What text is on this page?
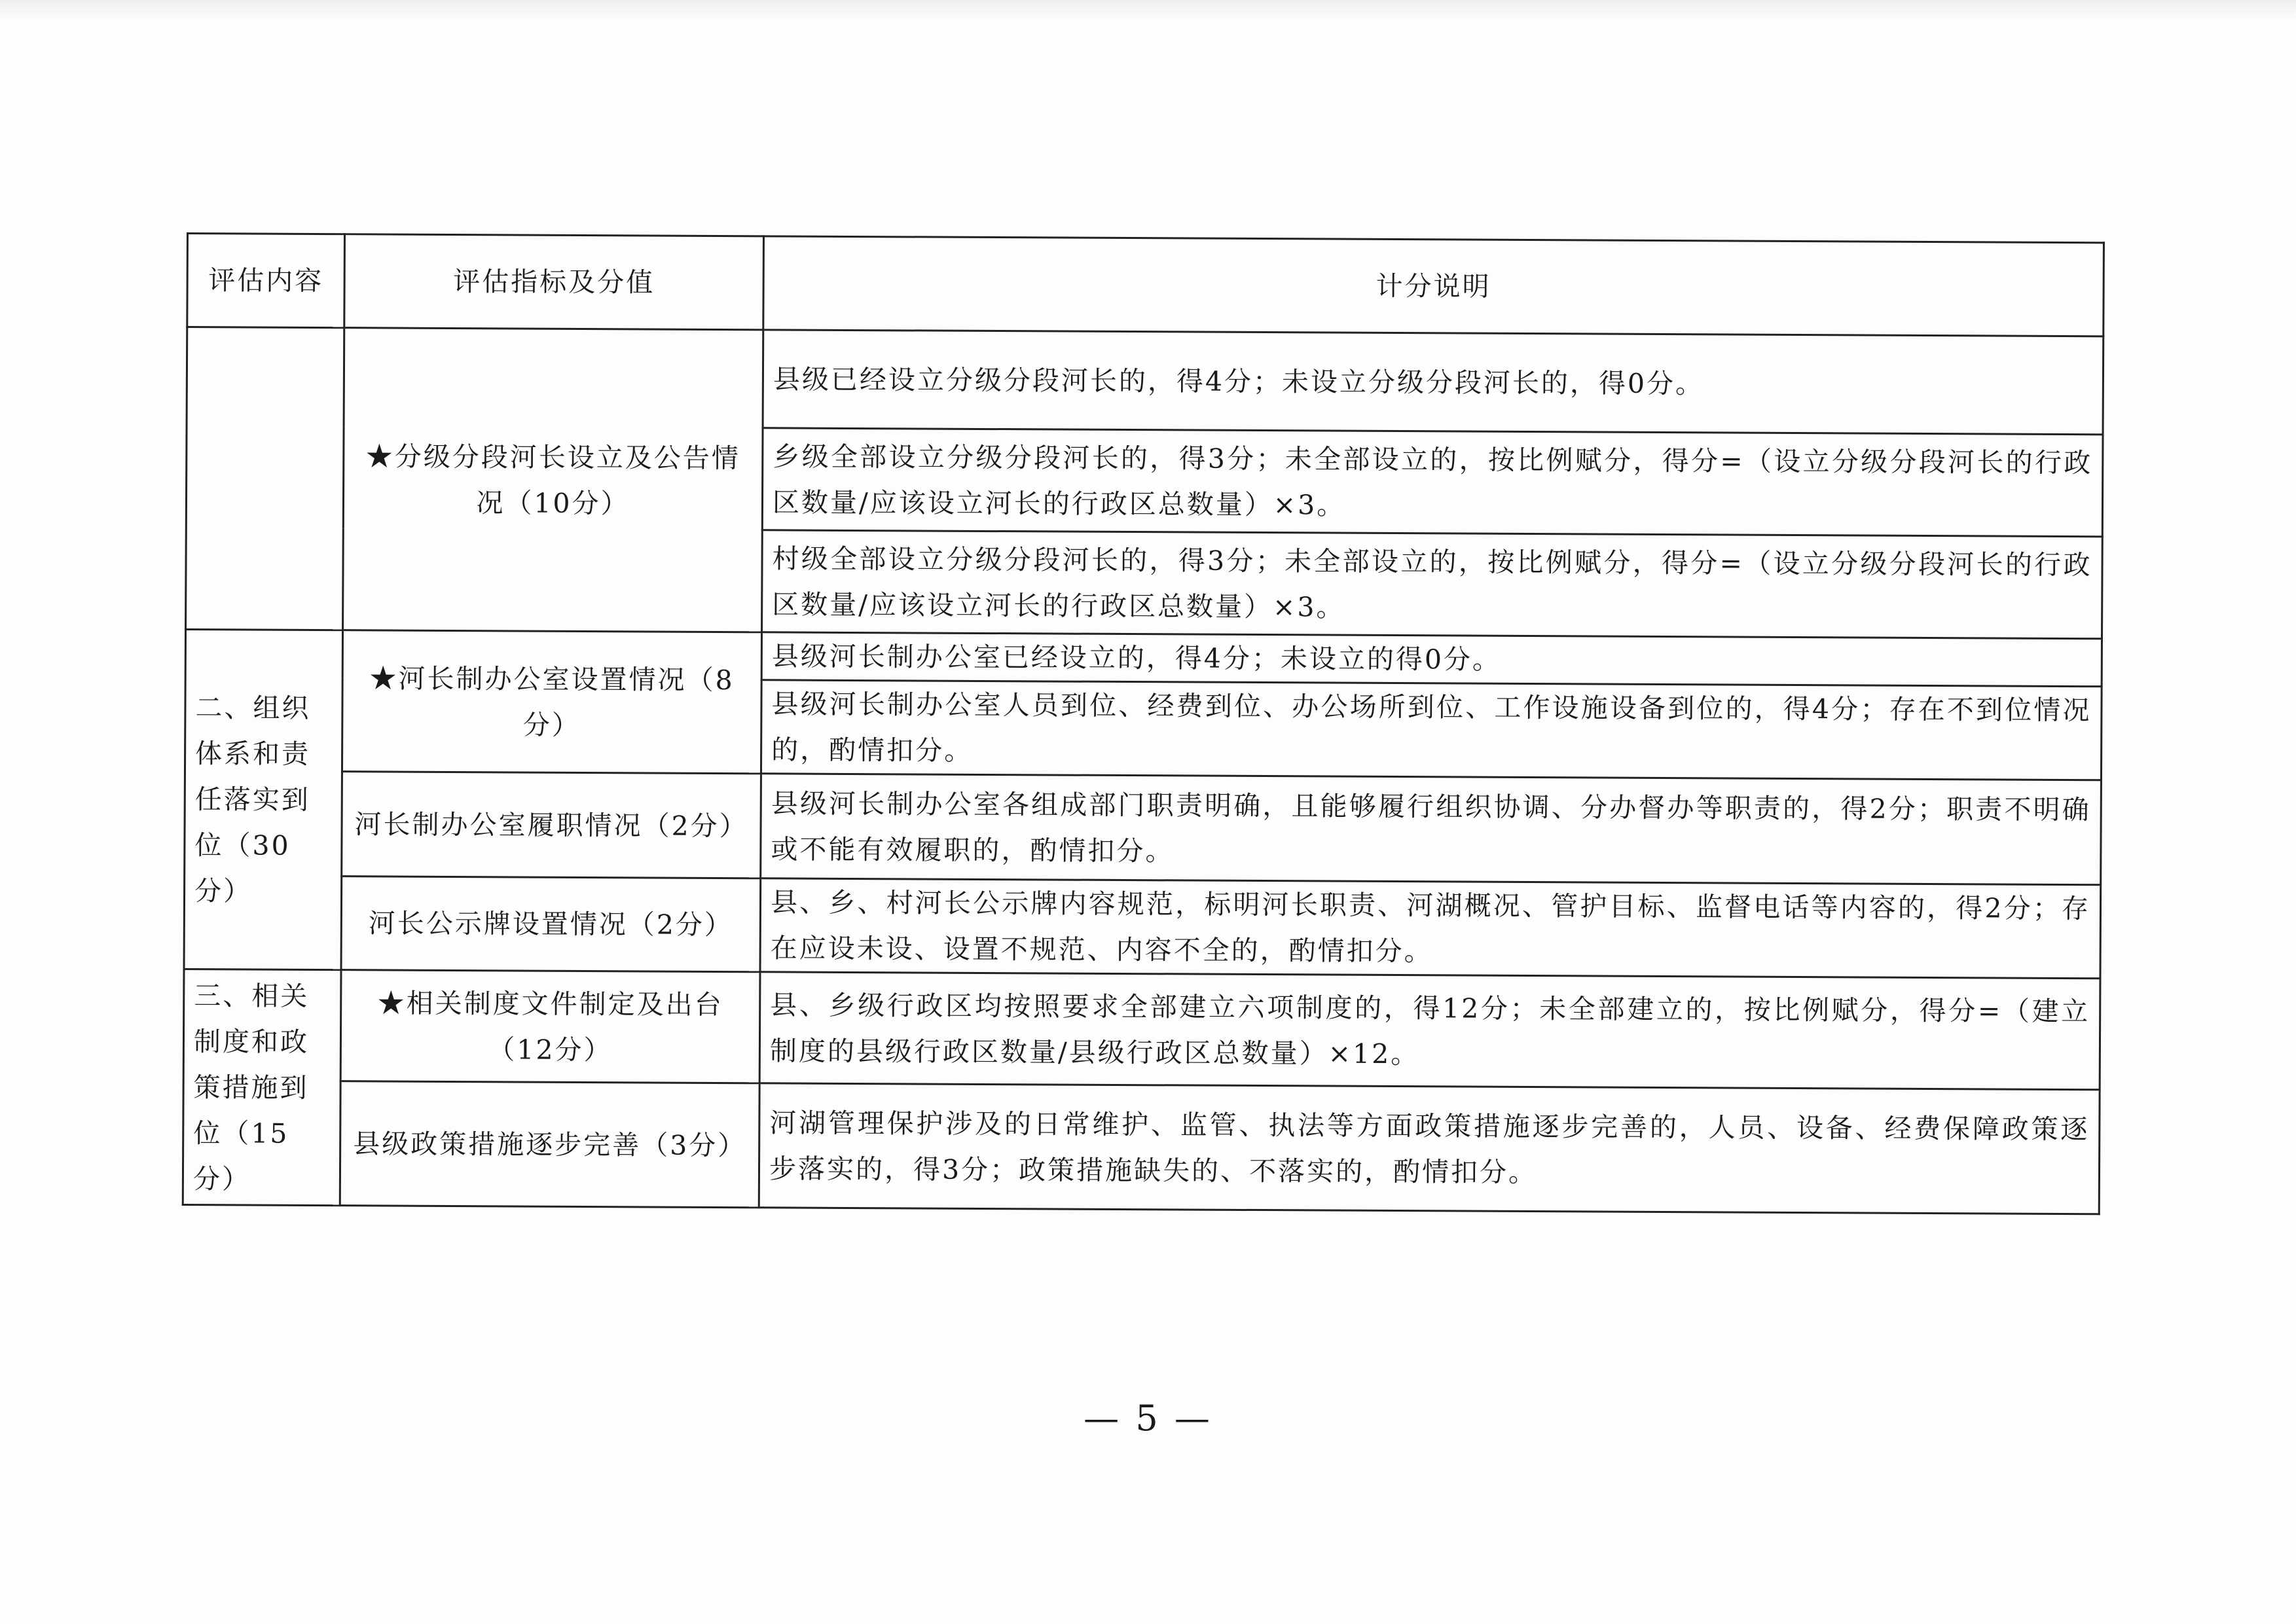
评估内容	评估指标及分值	计分说明
	★分级分段河长设立及公告情况（10分）	县级已经设立分级分段河长的，得4分；未设立分级分段河长的，得0分。
		乡级全部设立分级分段河长的，得3分；未全部设立的，按比例赋分，得分=（设立分级分段河长的行政区数量/应该设立河长的行政区总数量）×3。
		村级全部设立分级分段河长的，得3分；未全部设立的，按比例赋分，得分=（设立分级分段河长的行政区数量/应该设立河长的行政区总数量）×3。
二、组织体系和责任落实到位（30分）	★河长制办公室设置情况（8分）	县级河长制办公室已经设立的，得4分；未设立的得0分。
		县级河长制办公室人员到位、经费到位、办公场所到位、工作设施设备到位的，得4分；存在不到位情况的，酌情扣分。
	河长制办公室履职情况（2分）	县级河长制办公室各组成部门职责明确，且能够履行组织协调、分办督办等职责的，得2分；职责不明确或不能有效履职的，酌情扣分。
	河长公示牌设置情况（2分）	县、乡、村河长公示牌内容规范，标明河长职责、河湖概况、管护目标、监督电话等内容的，得2分；存在应设未设、设置不规范、内容不全的，酌情扣分。
三、相关制度和政策措施到位（15分）	★相关制度文件制定及出台（12分）	县、乡级行政区均按照要求全部建立六项制度的，得12分；未全部建立的，按比例赋分，得分=（建立制度的县级行政区数量/县级行政区总数量）×12。
	县级政策措施逐步完善（3分）	河湖管理保护涉及的日常维护、监管、执法等方面政策措施逐步完善的，人员、设备、经费保障政策逐步落实的，得3分；政策措施缺失的、不落实的，酌情扣分。
— 5 —
